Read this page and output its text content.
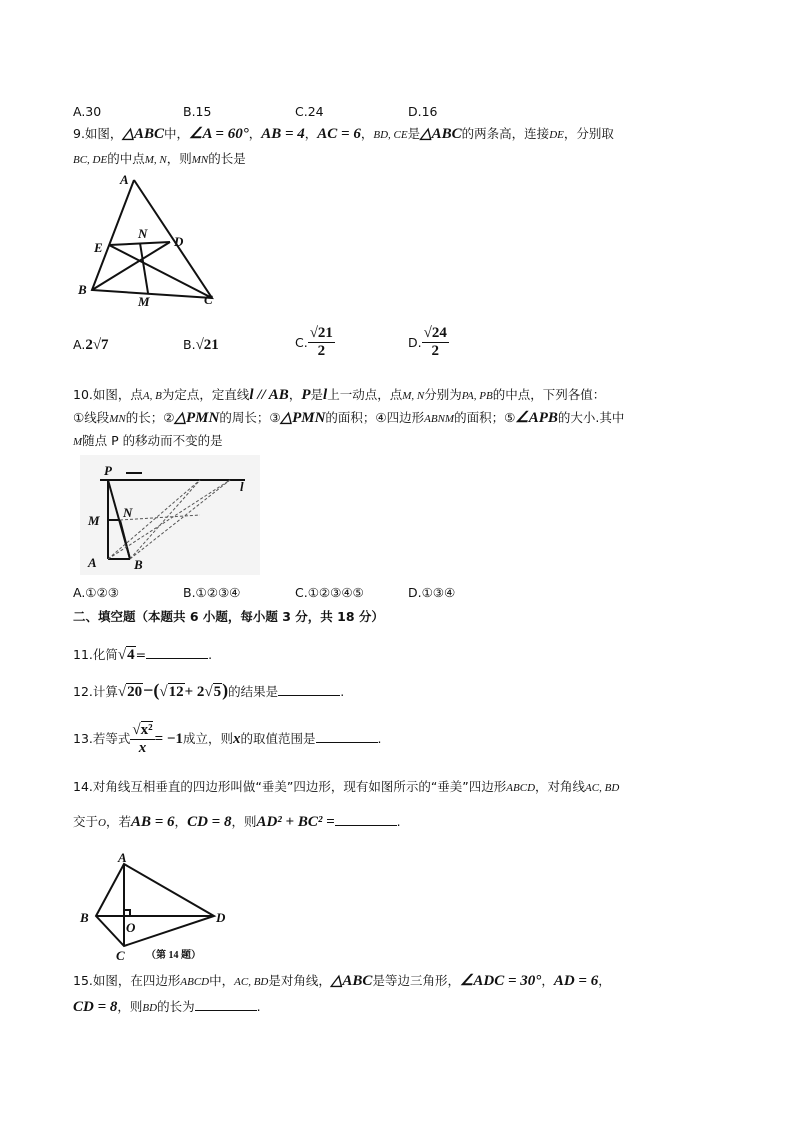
A.30	B.15	C.24	D.16
9.如图，△ABC中，∠A = 60°，AB = 4，AC = 6，BD, CE是△ABC的两条高，连接DE，分别取
BC, DE的中点M, N，则MN的长是
A
N
D
E
B
M	C
A.2√7	B.√21	C. $\frac{√21}{2}$	D. $\frac{√24}{2}$
10.如图，点A, B为定点，定直线l // AB，P是l上一动点，点M, N分别为PA, PB的中点，下列各值：
①线段MN的长；②△PMN的周长；③△PMN的面积；④四边形ABNM的面积；⑤∠APB的大小.其中
M随点 P 的移动而不变的是
P
l
M
N
A	B
A.①②③	B.①②③④	C.①②③④⑤	D.①③④
二、填空题（本题共 6 小题，每小题 3 分，共 18 分）
11.化简√4=	.
12.计算√20−(√12+ 2√5)的结果是	.
13.若等式 $\frac{\text{√x²}}{x} = -1$成立，则x的取值范围是	.
14.对角线互相垂直的四边形叫做“垂美”四边形，现有如图所示的“垂美”四边形ABCD，对角线AC, BD
交于O，若AB = 6，CD = 8，则AD² + BC² =	.
A
B
O
D
C （第 14 题）
15.如图，在四边形ABCD中，AC, BD是对角线，△ABC是等边三角形，∠ADC = 30°，AD = 6，
CD = 8，则BD的长为	.
